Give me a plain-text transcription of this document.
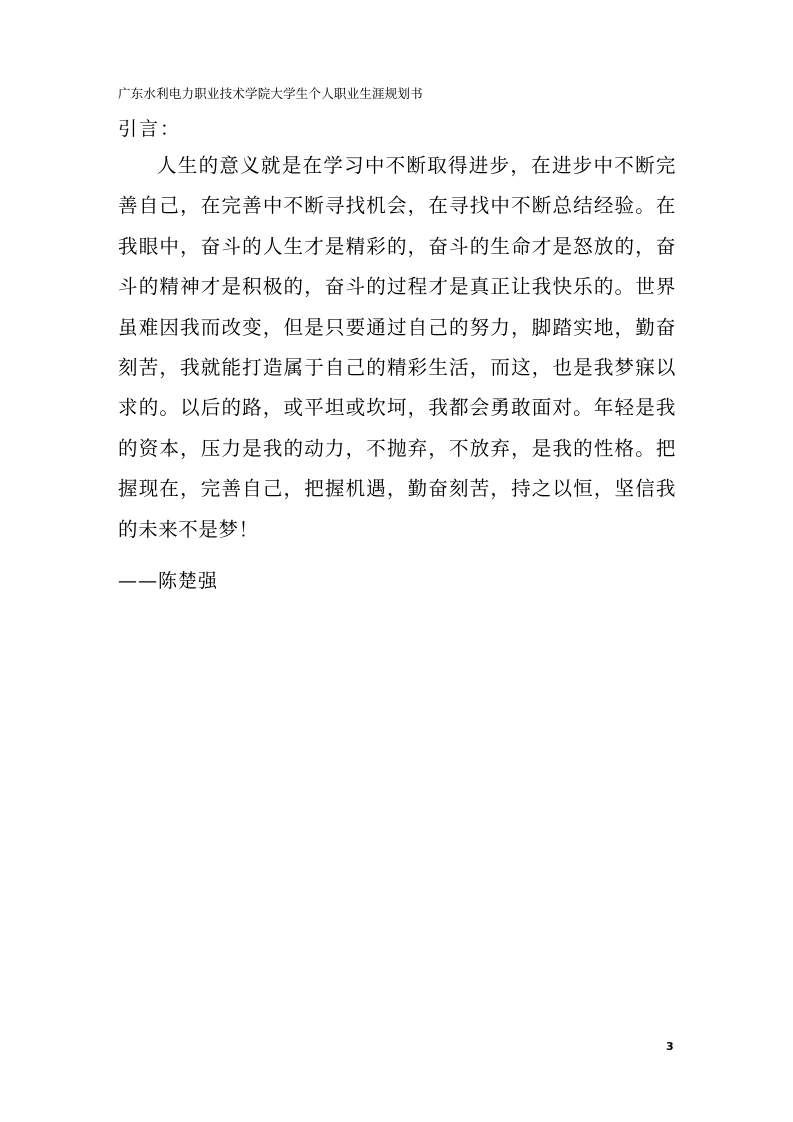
广东水利电力职业技术学院大学生个人职业生涯规划书
引言：

人生的意义就是在学习中不断取得进步，在进步中不断完善自己，在完善中不断寻找机会，在寻找中不断总结经验。在我眼中，奋斗的人生才是精彩的，奋斗的生命才是怒放的，奋斗的精神才是积极的，奋斗的过程才是真正让我快乐的。世界虽难因我而改变，但是只要通过自己的努力，脚踏实地，勤奋刻苦，我就能打造属于自己的精彩生活，而这，也是我梦寐以求的。以后的路，或平坦或坎坷，我都会勇敢面对。年轻是我的资本，压力是我的动力，不抛弃，不放弃，是我的性格。把握现在，完善自己，把握机遇，勤奋刻苦，持之以恒，坚信我的未来不是梦！

——陈楚强
3
